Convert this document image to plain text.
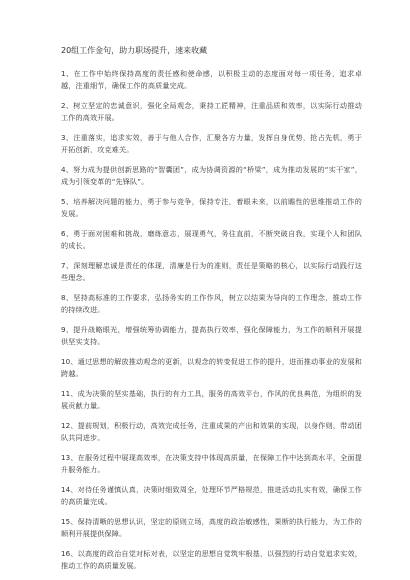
20组工作金句，助力职场提升，速来收藏

1、在工作中始终保持高度的责任感和使命感，以积极主动的态度面对每一项任务，追求卓越，注重细节，确保工作的高质量完成。

2、树立坚定的忠诚意识，强化全局观念，秉持工匠精神，注重品质和效率，以实际行动推动工作的高效开展。

3、注重落实，追求实效，善于与他人合作，汇聚各方力量，发挥自身优势，抢占先机，勇于开拓创新，攻克难关。

4、努力成为提供创新思路的“智囊团”，成为协调资源的“桥梁”，成为推动发展的“实干家”，成为引领变革的“先锋队”。

5、培养解决问题的能力，勇于参与竞争，保持专注，着眼未来，以前瞻性的思维推动工作的发展。

6、勇于面对困难和挑战，磨练意志，展现勇气，务往直前，不断突破自我，实现个人和团队的成长。

7、深刻理解忠诚是责任的体现，清廉是行为的准则，责任是策略的核心，以实际行动践行这些理念。

8、坚持高标准的工作要求，弘扬务实的工作作风，树立以结果为导向的工作理念，推动工作的持续改进。

9、提升战略眼光，增强统筹协调能力，提高执行效率，强化保障能力，为工作的顺利开展提供坚实支持。

10、通过思想的解放推动观念的更新，以观念的转变促进工作的提升，进而推动事业的发展和跨越。

11、成为决策的坚实基础，执行的有力工具，服务的高效平台，作风的优良典范，为组织的发展贡献力量。

12、提前规划，积极行动，高效完成任务，注重成果的产出和效果的实现，以身作则，带动团队共同进步。

13、在服务过程中展现高效率，在决策支持中体现高质量，在保障工作中达到高水平，全面提升服务能力。

14、对待任务谨慎认真，决策时细致周全，处理环节严格规范，推进活动扎实有效，确保工作的高质量完成。

15、保持清晰的思想认识，坚定的原则立场，高度的政治敏感性，果断的执行能力，为工作的顺利开展提供保障。

16、以高度的政治自觉对标对表，以坚定的思想自觉筑牢根基，以强烈的行动自觉追求实效，推动工作的高质量发展。
